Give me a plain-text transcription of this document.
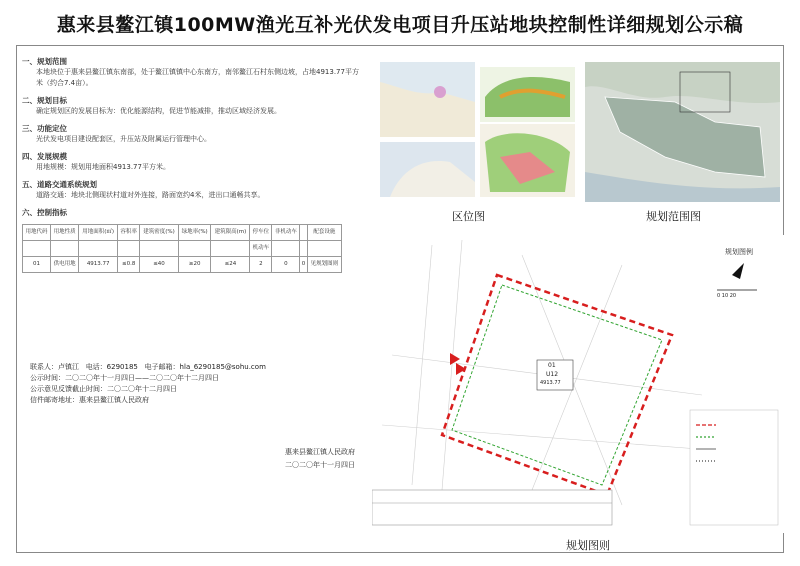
惠来县鳌江镇100MW渔光互补光伏发电项目升压站地块控制性详细规划公示稿
一、规划范围
本地块位于惠来县鳌江镇东南部，处于鳌江镇镇中心东南方，南邻鳌江石村东侧边坡，占地4913.77平方米（约合7.4亩）。
二、规划目标
确定规划区的发展目标为：优化能源结构，促进节能减排，推动区域经济发展。
三、功能定位
光伏发电项目建设配套区，升压站及附属运行管理中心。
四、发展规模
用地规模：规划用地面积4913.77平方米。
五、道路交通系统规划
道路交通：地块北侧现状村道对外连接，路面宽约4米，进出口通畅共享。
六、控制指标
用地代码	用地性质	用地面积(㎡)	容积率	建筑密度(%)	绿地率(%)	建筑限高(m)	停车位	非机动车		配套设施
							机动车			
01	供电用地	4913.77	≤0.8	≤40	≥20	≤24	2	0	0	见规划图则
联系人：卢镇江 电话：6290185 电子邮箱：hla_6290185@sohu.com
公示时间：二〇二〇年十一月四日——二〇二〇年十二月四日
公示意见反馈截止时间：二〇二〇年十二月四日
信件邮寄地址：惠来县鳌江镇人民政府
惠来县鳌江镇人民政府
二〇二〇年十一月四日
区位图	规划范围图
规划图例
01
U12
4913.77
0 10 20
规划图则
